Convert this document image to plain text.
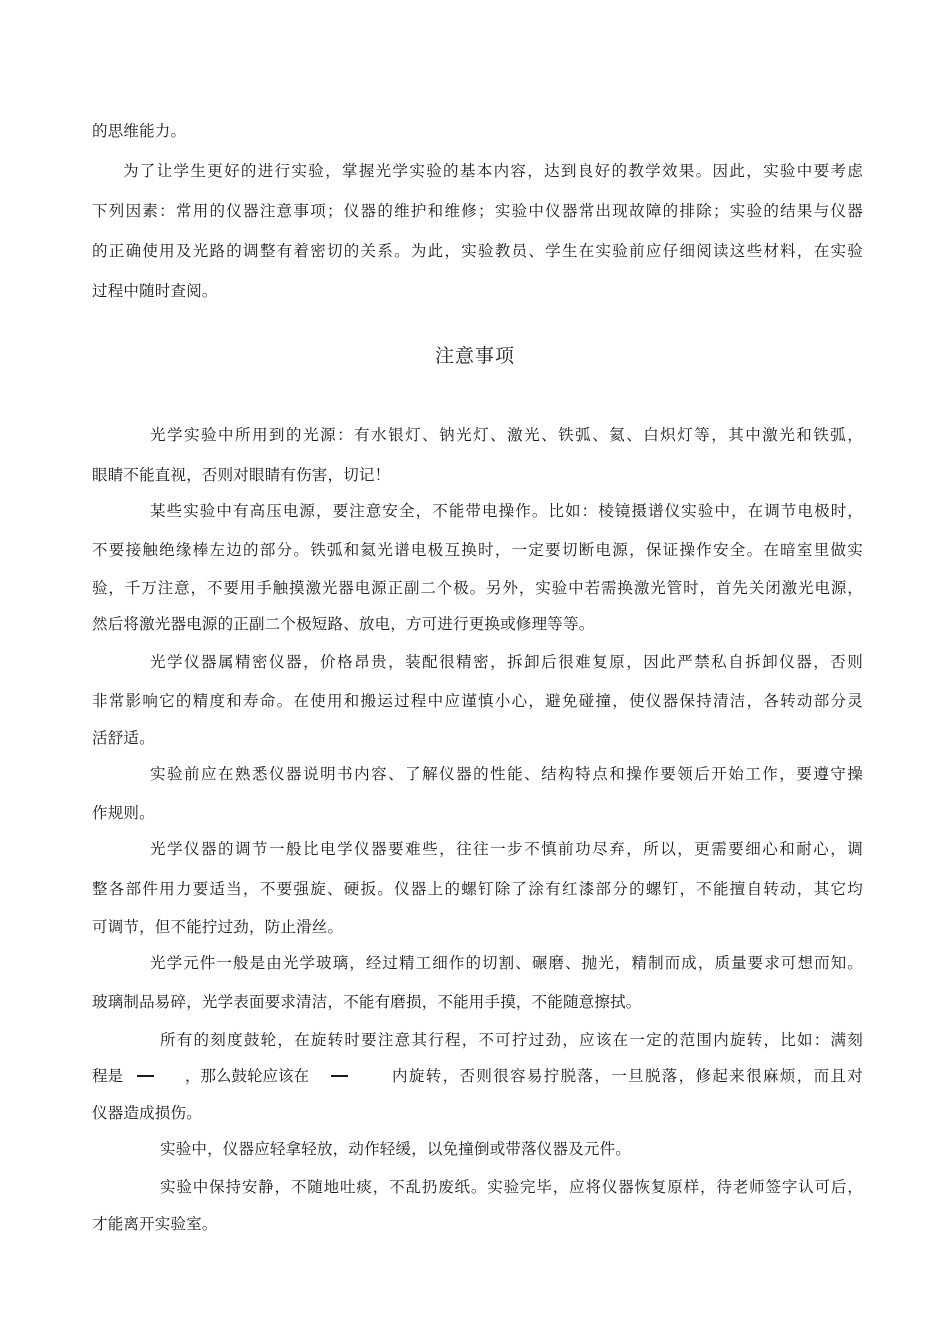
的思维能力。
为了让学生更好的进行实验，掌握光学实验的基本内容，达到良好的教学效果。因此，实验中要考虑
下列因素：常用的仪器注意事项；仪器的维护和维修；实验中仪器常出现故障的排除；实验的结果与仪器
的正确使用及光路的调整有着密切的关系。为此，实验教员、学生在实验前应仔细阅读这些材料，在实验
过程中随时查阅。
注意事项
光学实验中所用到的光源：有水银灯、钠光灯、激光、铁弧、氦、白炽灯等，其中激光和铁弧，
眼睛不能直视，否则对眼睛有伤害，切记！
某些实验中有高压电源，要注意安全，不能带电操作。比如：棱镜摄谱仪实验中，在调节电极时，
不要接触绝缘棒左边的部分。铁弧和氦光谱电极互换时，一定要切断电源，保证操作安全。在暗室里做实
验，千万注意，不要用手触摸激光器电源正副二个极。另外，实验中若需换激光管时，首先关闭激光电源，
然后将激光器电源的正副二个极短路、放电，方可进行更换或修理等等。
光学仪器属精密仪器，价格昂贵，装配很精密，拆卸后很难复原，因此严禁私自拆卸仪器，否则
非常影响它的精度和寿命。在使用和搬运过程中应谨慎小心，避免碰撞，使仪器保持清洁，各转动部分灵
活舒适。
实验前应在熟悉仪器说明书内容、了解仪器的性能、结构特点和操作要领后开始工作，要遵守操
作规则。
光学仪器的调节一般比电学仪器要难些，往往一步不慎前功尽弃，所以，更需要细心和耐心，调
整各部件用力要适当，不要强旋、硬扳。仪器上的螺钉除了涂有红漆部分的螺钉，不能擅自转动，其它均
可调节，但不能拧过劲，防止滑丝。
光学元件一般是由光学玻璃，经过精工细作的切割、碾磨、抛光，精制而成，质量要求可想而知。
玻璃制品易碎，光学表面要求清洁，不能有磨损，不能用手摸，不能随意擦拭。
所有的刻度鼓轮，在旋转时要注意其行程，不可拧过劲，应该在一定的范围内旋转，比如：满刻
程是	，那么鼓轮应该在	内旋转，否则很容易拧脱落，一旦脱落，修起来很麻烦，而且对
仪器造成损伤。
实验中，仪器应轻拿轻放，动作轻缓，以免撞倒或带落仪器及元件。
实验中保持安静，不随地吐痰，不乱扔废纸。实验完毕，应将仪器恢复原样，待老师签字认可后，
才能离开实验室。
